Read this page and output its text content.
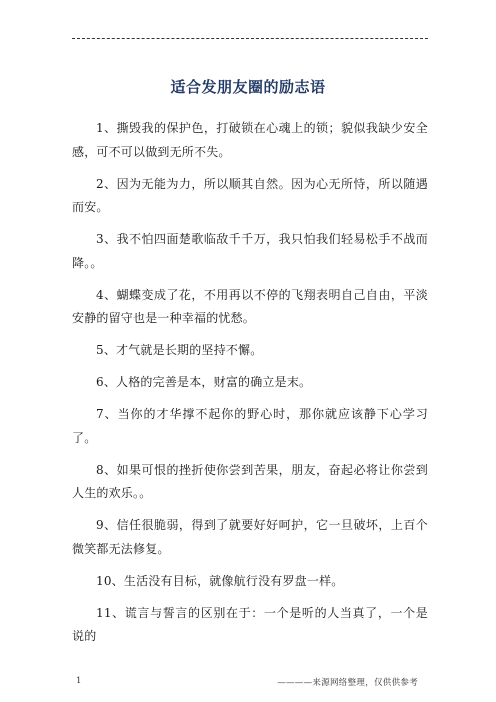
适合发朋友圈的励志语

1、撕毁我的保护色，打破锁在心魂上的锁；貌似我缺少安全感，可不可以做到无所不失。

2、因为无能为力，所以顺其自然。因为心无所恃，所以随遇而安。

3、我不怕四面楚歌临敌千千万，我只怕我们轻易松手不战而降。。

4、蝴蝶变成了花，不用再以不停的飞翔表明自己自由，平淡安静的留守也是一种幸福的忧愁。

5、才气就是长期的坚持不懈。

6、人格的完善是本，财富的确立是末。

7、当你的才华撑不起你的野心时，那你就应该静下心学习了。

8、如果可恨的挫折使你尝到苦果，朋友，奋起必将让你尝到人生的欢乐。。

9、信任很脆弱，得到了就要好好呵护，它一旦破坏，上百个微笑都无法修复。

10、生活没有目标，就像航行没有罗盘一样。

11、谎言与誓言的区别在于：一个是听的人当真了，一个是说的

1	————来源网络整理，仅供供参考
